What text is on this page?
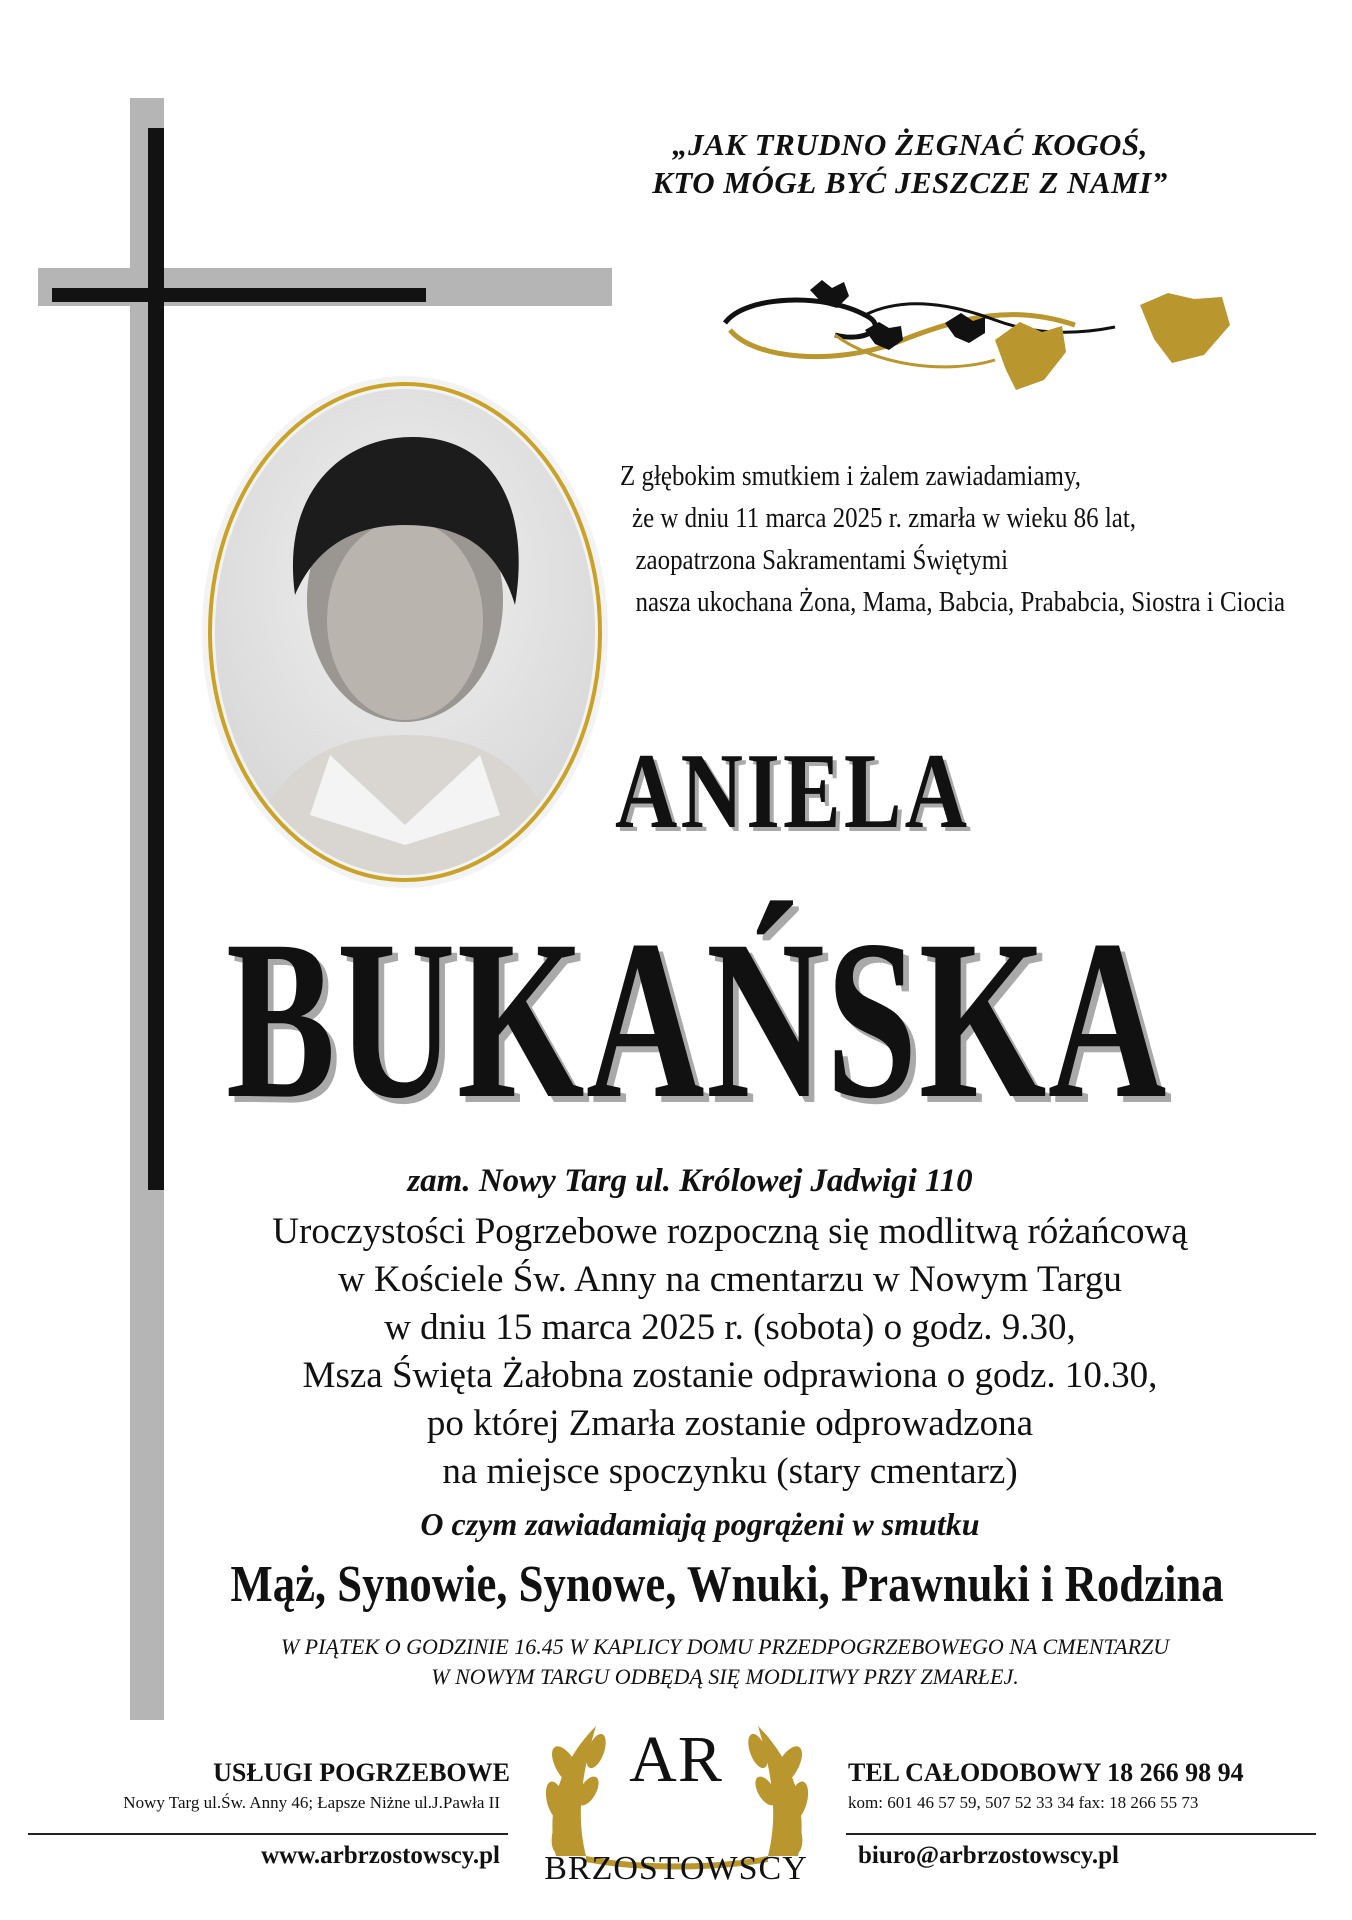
„JAK TRUDNO ŻEGNAĆ KOGOŚ,
KTO MÓGŁ BYĆ JESZCZE Z NAMI”
Z głębokim smutkiem i żalem zawiadamiamy,
że w dniu 11 marca 2025 r. zmarła w wieku 86 lat,
zaopatrzona Sakramentami Świętymi
nasza ukochana Żona, Mama, Babcia, Prababcia, Siostra i Ciocia
ANIELA
BUKAŃSKA
zam. Nowy Targ ul. Królowej Jadwigi 110
Uroczystości Pogrzebowe rozpoczną się modlitwą różańcową
w Kościele Św. Anny na cmentarzu w Nowym Targu
w dniu 15 marca 2025 r. (sobota) o godz. 9.30,
Msza Święta Żałobna zostanie odprawiona o godz. 10.30,
po której Zmarła zostanie odprowadzona
na miejsce spoczynku (stary cmentarz)
O czym zawiadamiają pogrążeni w smutku
Mąż, Synowie, Synowe, Wnuki, Prawnuki i Rodzina
W PIĄTEK O GODZINIE 16.45 W KAPLICY DOMU PRZEDPOGRZEBOWEGO NA CMENTARZU
W NOWYM TARGU ODBĘDĄ SIĘ MODLITWY PRZY ZMARŁEJ.
USŁUGI POGRZEBOWE
Nowy Targ ul.Św. Anny 46; Łapsze Niżne ul.J.Pawła II
www.arbrzostowscy.pl
AR
BRZOSTOWSCY
TEL CAŁODOBOWY 18 266 98 94
kom: 601 46 57 59, 507 52 33 34 fax: 18 266 55 73
biuro@arbrzostowscy.pl
